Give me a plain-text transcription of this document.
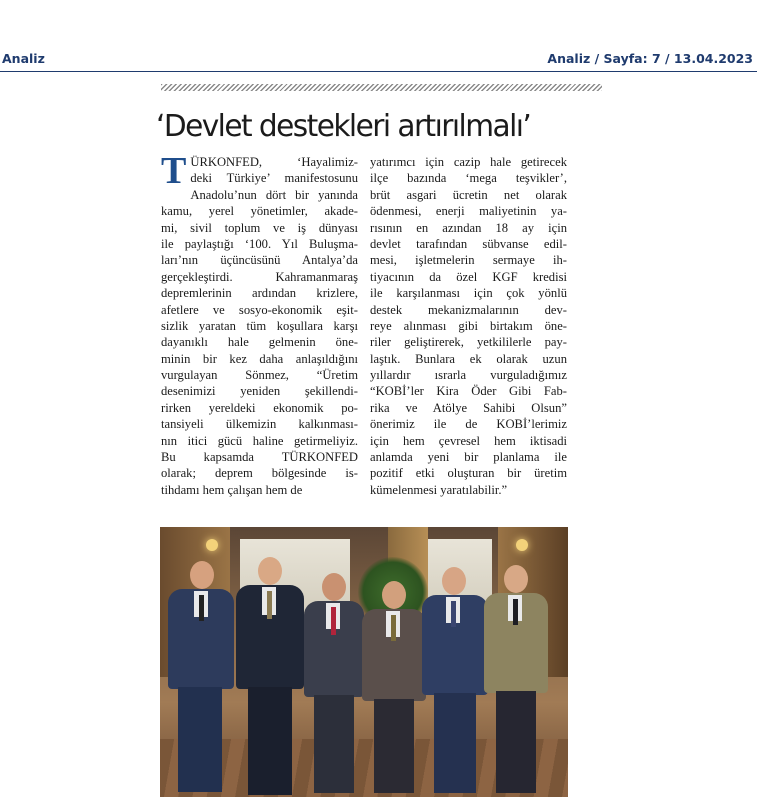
Analiz	Analiz / Sayfa: 7 / 13.04.2023
‘Devlet destekleri artırılmalı’
T ÜRKONFED, ‘Hayalimiz-
deki Türkiye’ manifestosunu
Anadolu’nun dört bir yanında
kamu, yerel yönetimler, akade-
mi, sivil toplum ve iş dünyası
ile paylaştığı ‘100. Yıl Buluşma-
ları’nın üçüncüsünü Antalya’da
gerçekleştirdi. Kahramanmaraş
depremlerinin ardından krizlere,
afetlere ve sosyo-ekonomik eşit-
sizlik yaratan tüm koşullara karşı
dayanıklı hale gelmenin öne-
minin bir kez daha anlaşıldığını
vurgulayan Sönmez, “Üretim
desenimizi yeniden şekillendi-
rirken yereldeki ekonomik po-
tansiyeli ülkemizin kalkınması-
nın itici gücü haline getirmeliyiz.
Bu kapsamda TÜRKONFED
olarak; deprem bölgesinde is-
tihdamı hem çalışan hem de
yatırımcı için cazip hale getirecek
ilçe bazında ‘mega teşvikler’,
brüt asgari ücretin net olarak
ödenmesi, enerji maliyetinin ya-
rısının en azından 18 ay için
devlet tarafından sübvanse edil-
mesi, işletmelerin sermaye ih-
tiyacının da özel KGF kredisi
ile karşılanması için çok yönlü
destek mekanizmalarının dev-
reye alınması gibi birtakım öne-
riler geliştirerek, yetkililerle pay-
laştık. Bunlara ek olarak uzun
yıllardır ısrarla vurguladığımız
“KOBİ’ler Kira Öder Gibi Fab-
rika ve Atölye Sahibi Olsun”
önerimiz ile de KOBİ’lerimiz
için hem çevresel hem iktisadi
anlamda yeni bir planlama ile
pozitif etki oluşturan bir üretim
kümelenmesi yaratılabilir.”
